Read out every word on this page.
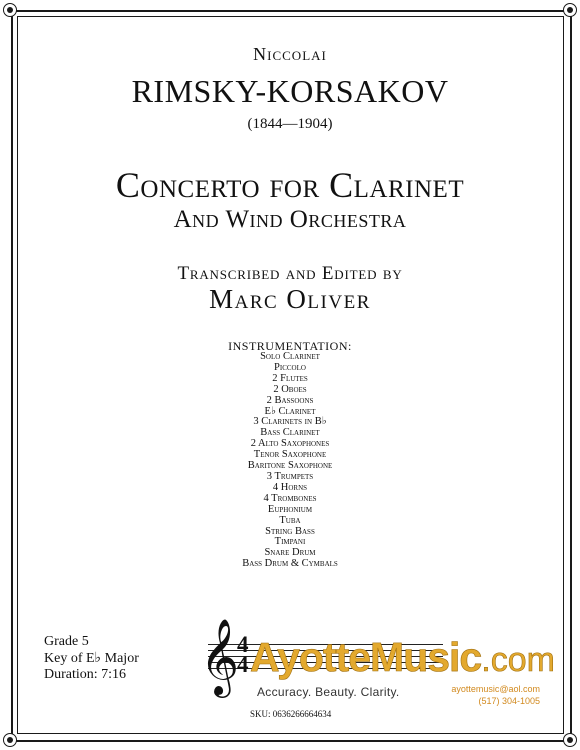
Niccolai
RIMSKY-KORSAKOV
(1844—1904)
Concerto for Clarinet
And Wind Orchestra
Transcribed and Edited by
Marc Oliver
INSTRUMENTATION:
Solo Clarinet
Piccolo
2 Flutes
2 Oboes
2 Bassoons
E♭ Clarinet
3 Clarinets in B♭
Bass Clarinet
2 Alto Saxophones
Tenor Saxophone
Baritone Saxophone
3 Trumpets
4 Horns
4 Trombones
Euphonium
Tuba
String Bass
Timpani
Snare Drum
Bass Drum & Cymbals
Grade 5
Key of E♭ Major
Duration: 7:16 𝄞
4
4 AyotteMusic.com
Accuracy. Beauty. Clarity.	ayottemusic@aol.com
(517) 304-1005
SKU: 0636266664634
